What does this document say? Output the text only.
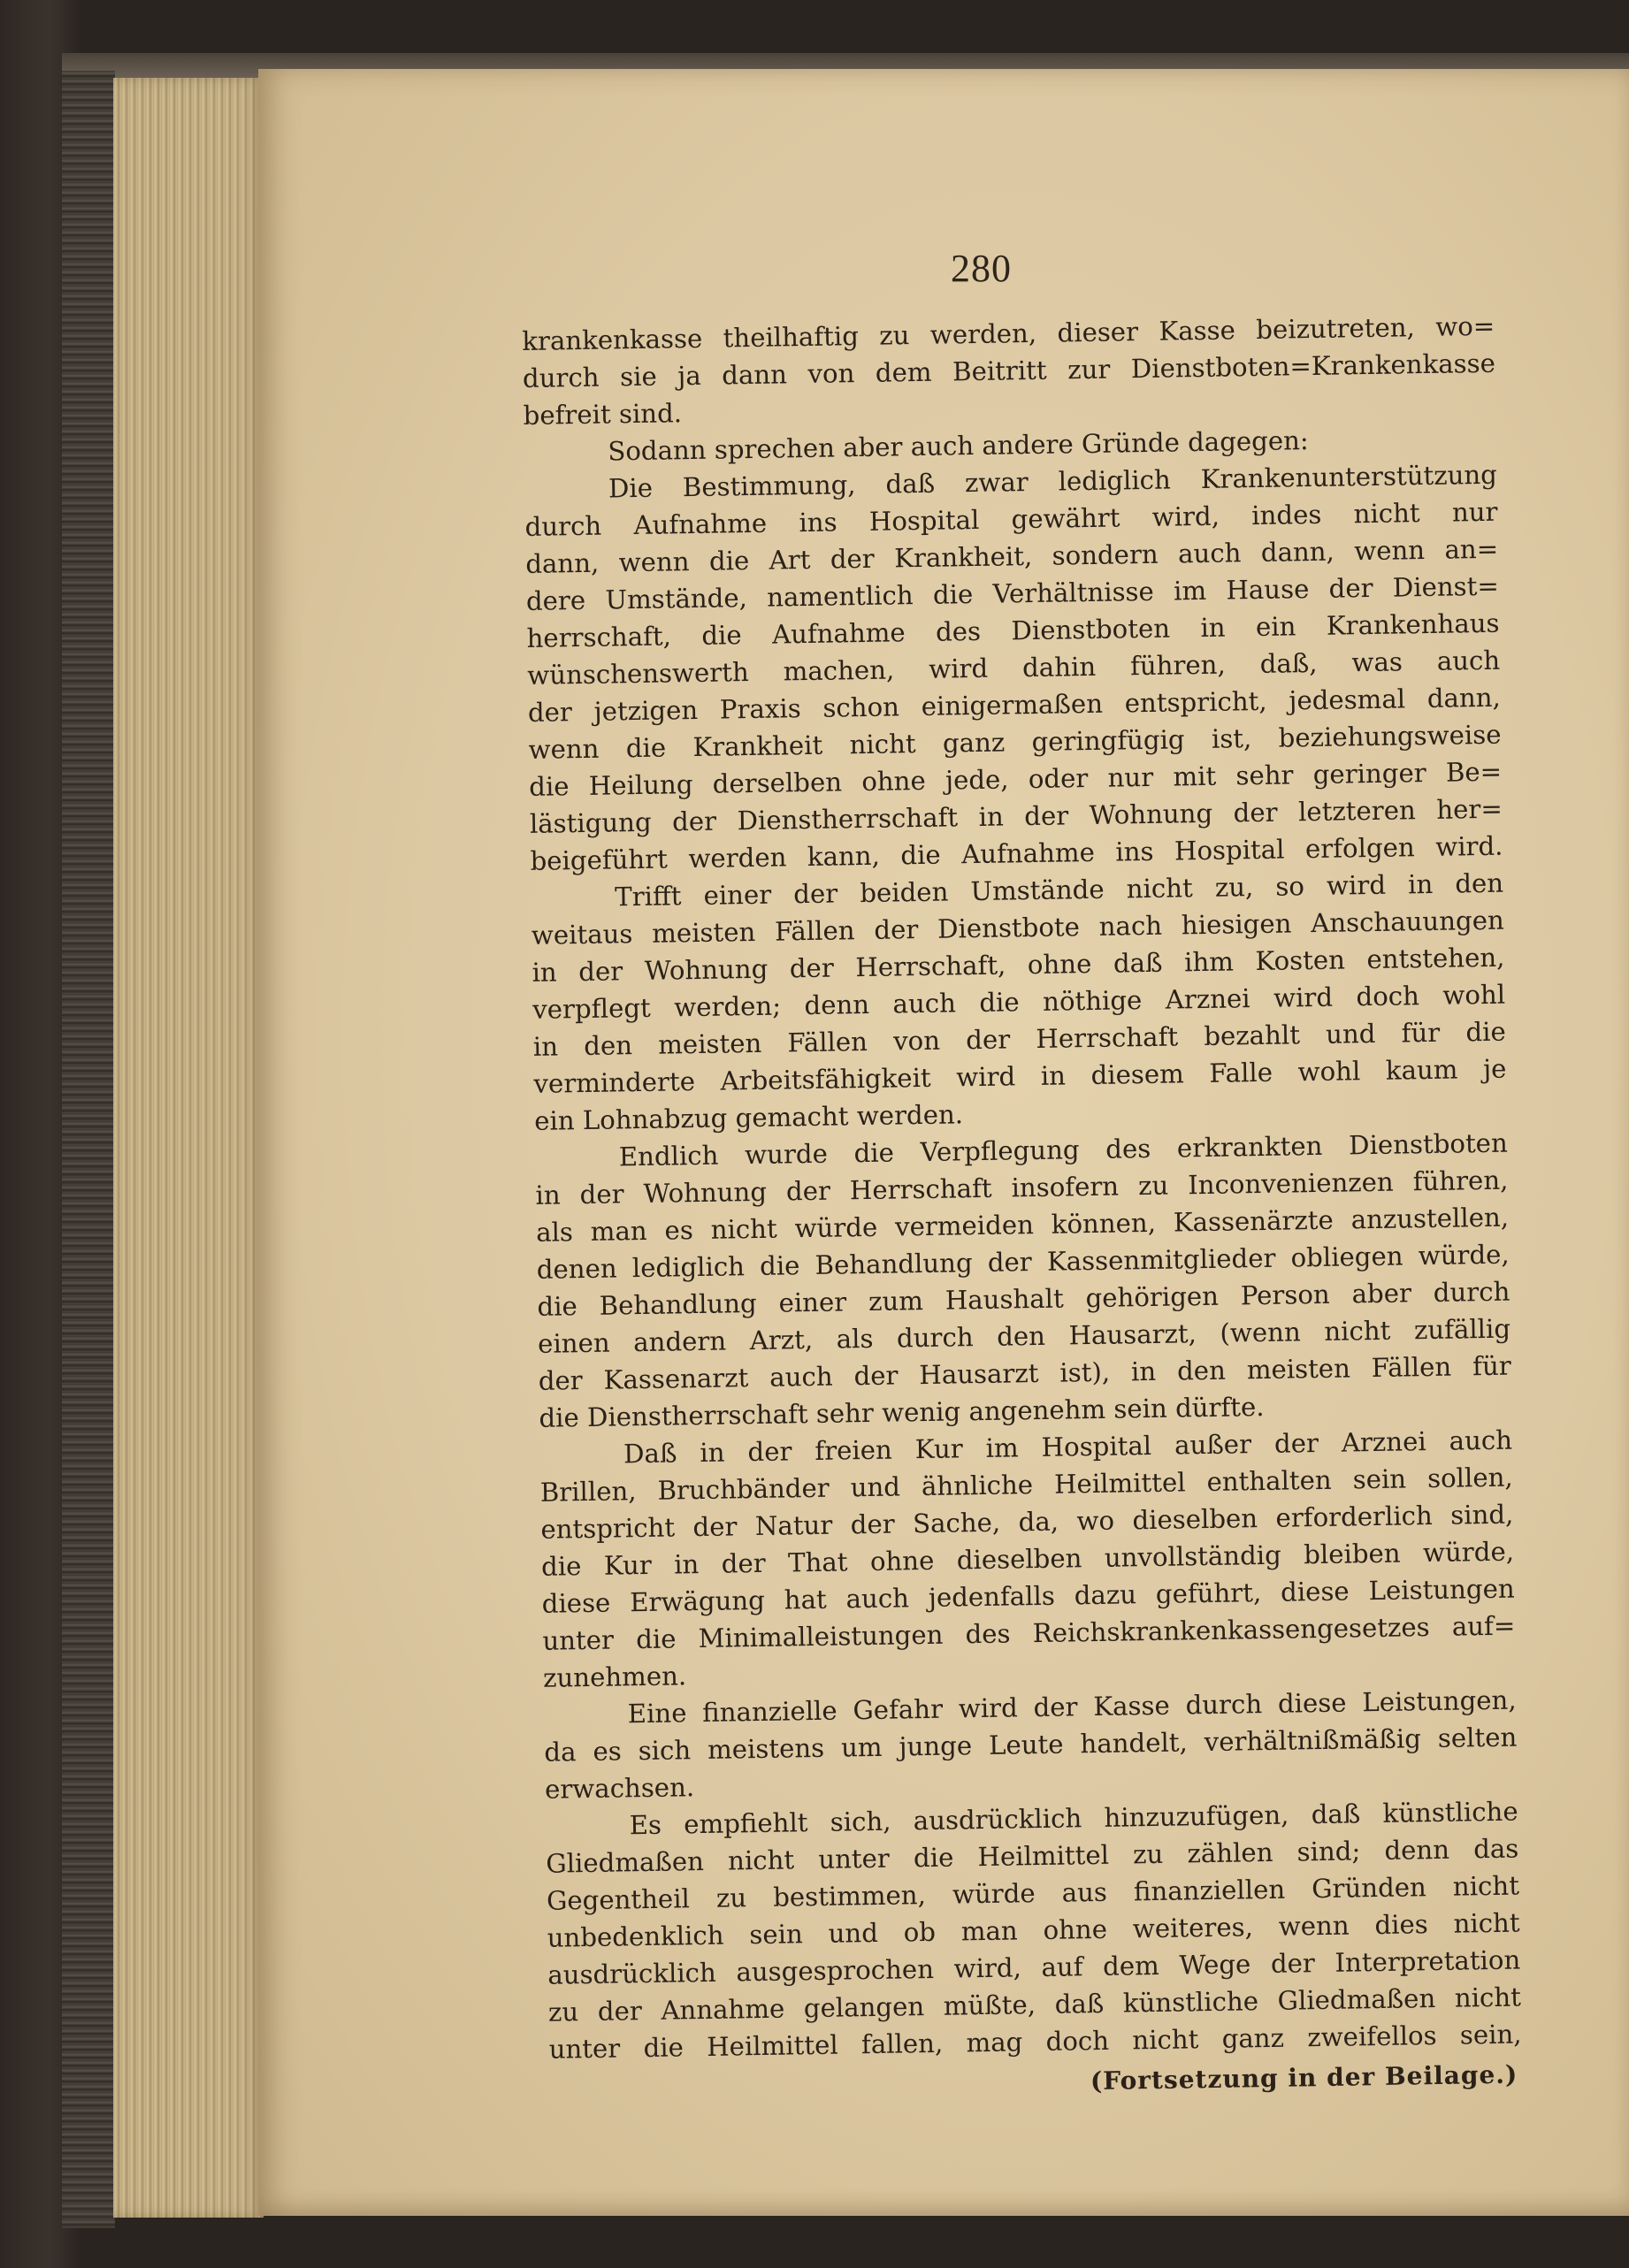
280
krankenkasse theilhaftig zu werden, dieser Kasse beizutreten, wo=
durch sie ja dann von dem Beitritt zur Dienstboten=Krankenkasse
befreit sind.
Sodann sprechen aber auch andere Gründe dagegen:
Die Bestimmung, daß zwar lediglich Krankenunterstützung
durch Aufnahme ins Hospital gewährt wird, indes nicht nur
dann, wenn die Art der Krankheit, sondern auch dann, wenn an=
dere Umstände, namentlich die Verhältnisse im Hause der Dienst=
herrschaft, die Aufnahme des Dienstboten in ein Krankenhaus
wünschenswerth machen, wird dahin führen, daß, was auch
der jetzigen Praxis schon einigermaßen entspricht, jedesmal dann,
wenn die Krankheit nicht ganz geringfügig ist, beziehungsweise
die Heilung derselben ohne jede, oder nur mit sehr geringer Be=
lästigung der Dienstherrschaft in der Wohnung der letzteren her=
beigeführt werden kann, die Aufnahme ins Hospital erfolgen wird.
Trifft einer der beiden Umstände nicht zu, so wird in den
weitaus meisten Fällen der Dienstbote nach hiesigen Anschauungen
in der Wohnung der Herrschaft, ohne daß ihm Kosten entstehen,
verpflegt werden; denn auch die nöthige Arznei wird doch wohl
in den meisten Fällen von der Herrschaft bezahlt und für die
verminderte Arbeitsfähigkeit wird in diesem Falle wohl kaum je
ein Lohnabzug gemacht werden.
Endlich wurde die Verpflegung des erkrankten Dienstboten
in der Wohnung der Herrschaft insofern zu Inconvenienzen führen,
als man es nicht würde vermeiden können, Kassenärzte anzustellen,
denen lediglich die Behandlung der Kassenmitglieder obliegen würde,
die Behandlung einer zum Haushalt gehörigen Person aber durch
einen andern Arzt, als durch den Hausarzt, (wenn nicht zufällig
der Kassenarzt auch der Hausarzt ist), in den meisten Fällen für
die Dienstherrschaft sehr wenig angenehm sein dürfte.
Daß in der freien Kur im Hospital außer der Arznei auch
Brillen, Bruchbänder und ähnliche Heilmittel enthalten sein sollen,
entspricht der Natur der Sache, da, wo dieselben erforderlich sind,
die Kur in der That ohne dieselben unvollständig bleiben würde,
diese Erwägung hat auch jedenfalls dazu geführt, diese Leistungen
unter die Minimalleistungen des Reichskrankenkassengesetzes auf=
zunehmen.
Eine finanzielle Gefahr wird der Kasse durch diese Leistungen,
da es sich meistens um junge Leute handelt, verhältnißmäßig selten
erwachsen.
Es empfiehlt sich, ausdrücklich hinzuzufügen, daß künstliche
Gliedmaßen nicht unter die Heilmittel zu zählen sind; denn das
Gegentheil zu bestimmen, würde aus finanziellen Gründen nicht
unbedenklich sein und ob man ohne weiteres, wenn dies nicht
ausdrücklich ausgesprochen wird, auf dem Wege der Interpretation
zu der Annahme gelangen müßte, daß künstliche Gliedmaßen nicht
unter die Heilmittel fallen, mag doch nicht ganz zweifellos sein,
(Fortsetzung in der Beilage.)
